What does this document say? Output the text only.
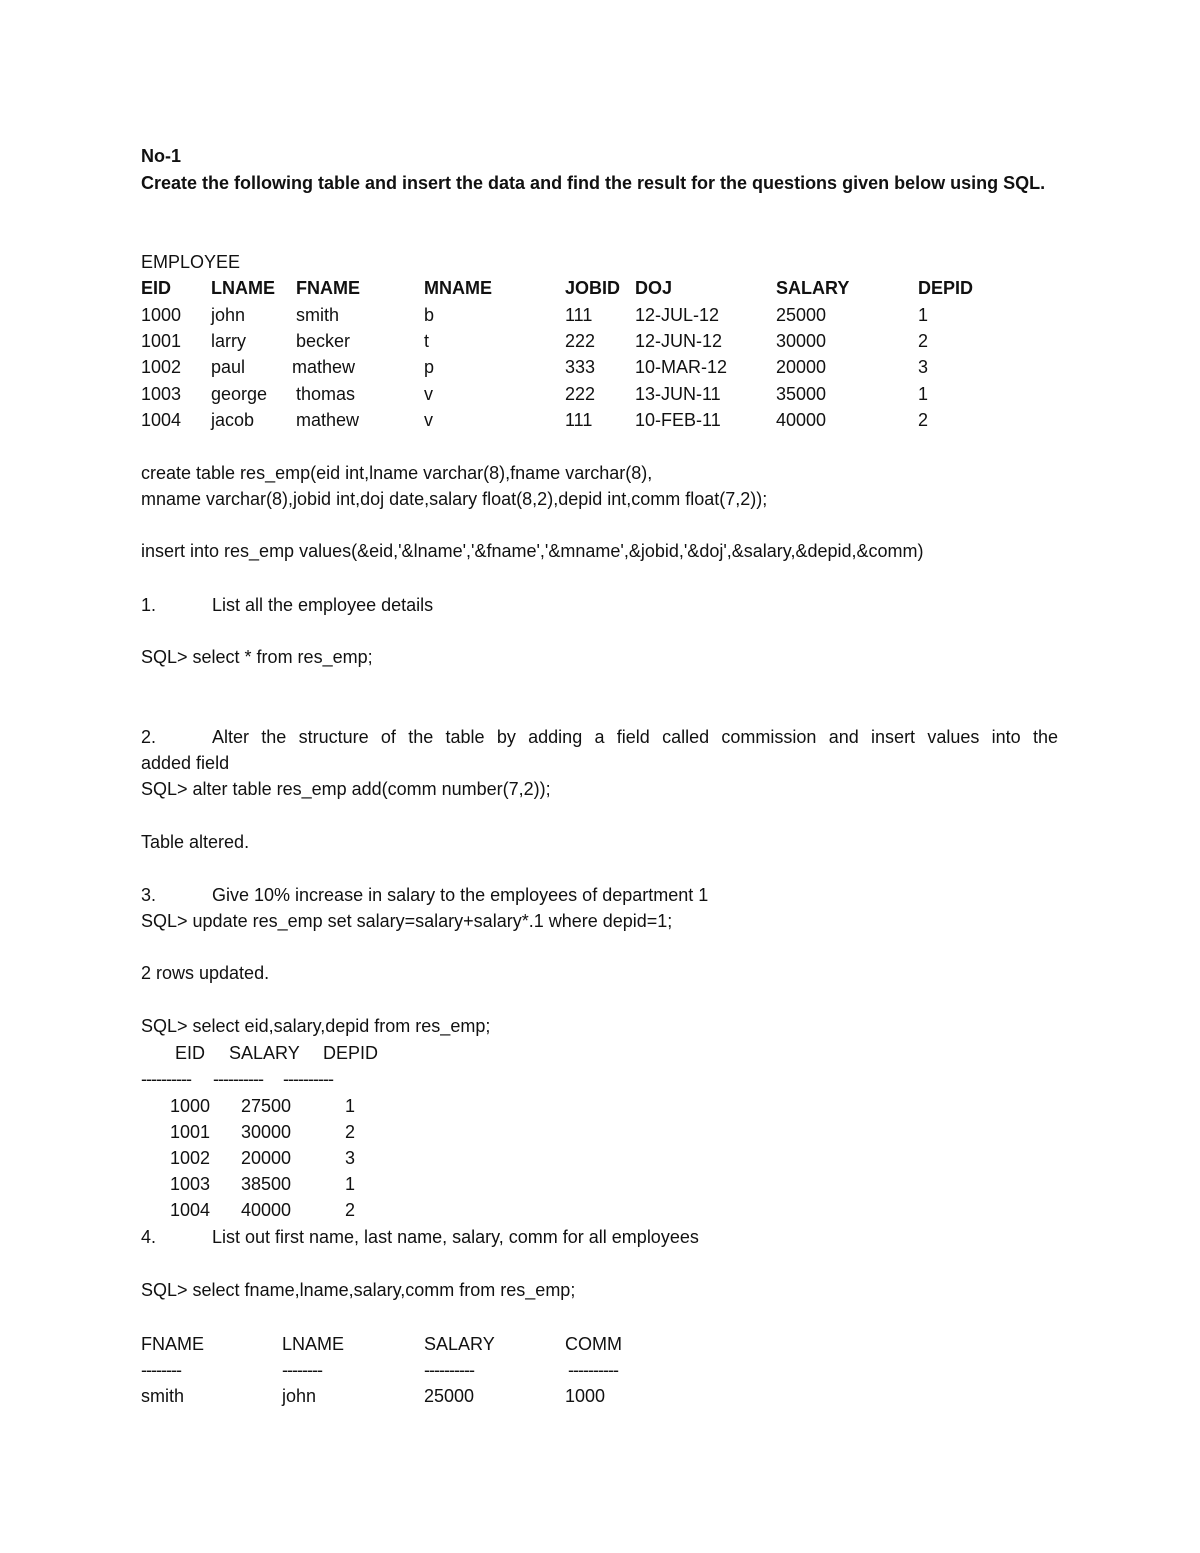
No-1
Create the following table and insert the data and find the result for the questions given below using SQL.
EMPLOYEE
EID LNAME FNAME	MNAME	JOBID DOJ	SALARY	DEPID
1000 john	smith	b	111 12-JUL-12	25000	1
1001 larry	becker	t	222 12-JUN-12	30000	2
1002 paul	mathew	p	333 10-MAR-12	20000	3
1003 george thomas	v	222 13-JUN-11	35000	1
1004 jacob mathew	v	111 10-FEB-11	40000	2
create table res_emp(eid int,lname varchar(8),fname varchar(8),
mname varchar(8),jobid int,doj date,salary float(8,2),depid int,comm float(7,2));
insert into res_emp values(&eid,'&lname','&fname','&mname',&jobid,'&doj',&salary,&depid,&comm)
1.	List all the employee details
SQL> select * from res_emp;
2.	Alter the structure of the table by adding a field called commission and insert values into the
added field
SQL> alter table res_emp add(comm number(7,2));
Table altered.
3.	Give 10% increase in salary to the employees of department 1
SQL> update res_emp set salary=salary+salary*.1 where depid=1;
2 rows updated.
SQL> select eid,salary,depid from res_emp;
EID SALARY DEPID
---------- ---------- ----------
1000 27500	1
1001 30000	2
1002 20000	3
1003 38500	1
1004 40000	2
4.	List out first name, last name, salary, comm for all employees
SQL> select fname,lname,salary,comm from res_emp;
FNAME	LNAME	SALARY	COMM
--------	--------	----------	----------
smith	john	25000	1000
